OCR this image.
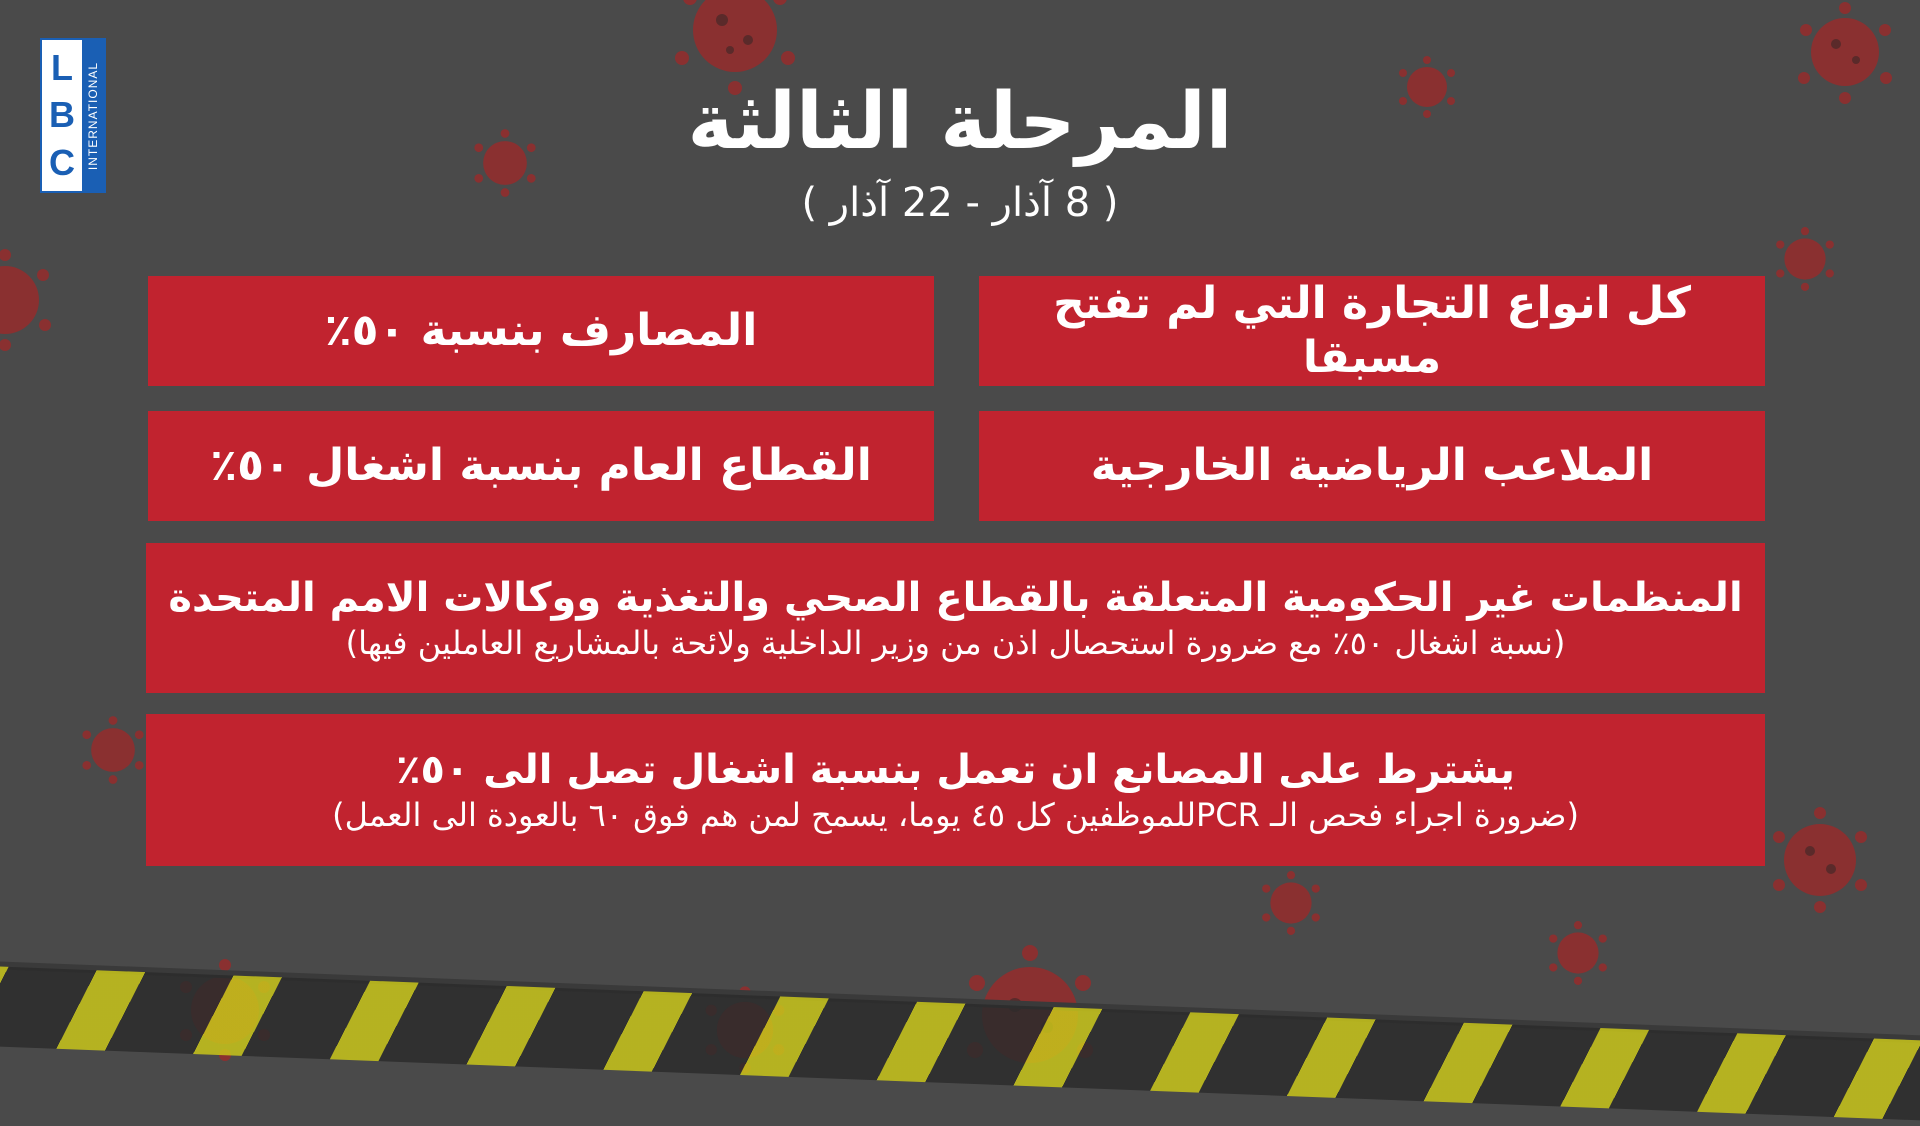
L
B
C INTERNATIONAL	المرحلة الثالثة
( 8 آذار - 22 آذار )
كل انواع التجارة التي لم تفتح مسبقا
المصارف بنسبة ٥٠٪
الملاعب الرياضية الخارجية
القطاع العام بنسبة اشغال ٥٠٪
المنظمات غير الحكومية المتعلقة بالقطاع الصحي والتغذية ووكالات الامم المتحدة
(نسبة اشغال ٥٠٪ مع ضرورة استحصال اذن من وزير الداخلية ولائحة بالمشاريع العاملين فيها)
يشترط على المصانع ان تعمل بنسبة اشغال تصل الى ٥٠٪
(ضرورة اجراء فحص الـ PCRللموظفين كل ٤٥ يوما، يسمح لمن هم فوق ٦٠ بالعودة الى العمل)
